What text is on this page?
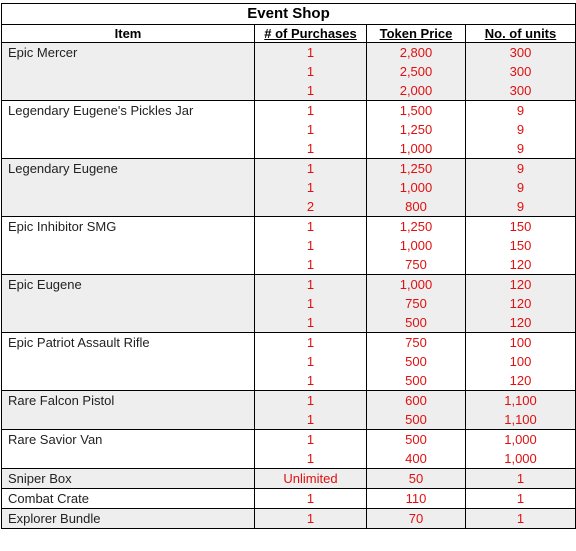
Event Shop			
Item	# of Purchases	Token Price	No. of units
Epic Mercer	1	2,800	300
	1	2,500	300
	1	2,000	300
Legendary Eugene's Pickles Jar	1	1,500	9
	1	1,250	9
	1	1,000	9
Legendary Eugene	1	1,250	9
	1	1,000	9
	2	800	9
Epic Inhibitor SMG	1	1,250	150
	1	1,000	150
	1	750	120
Epic Eugene	1	1,000	120
	1	750	120
	1	500	120
Epic Patriot Assault Rifle	1	750	100
	1	500	100
	1	500	120
Rare Falcon Pistol	1	600	1,100
	1	500	1,100
Rare Savior Van	1	500	1,000
	1	400	1,000
Sniper Box	Unlimited	50	1
Combat Crate	1	110	1
Explorer Bundle	1	70	1
